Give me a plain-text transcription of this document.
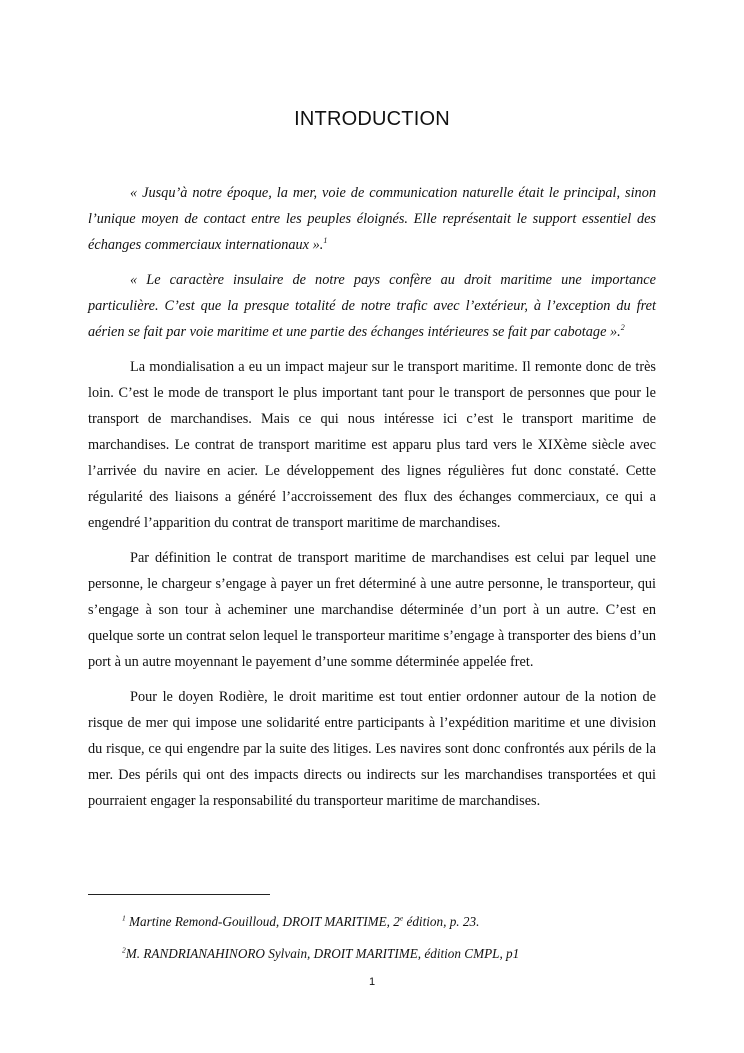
INTRODUCTION

« Jusqu’à notre époque, la mer, voie de communication naturelle était le principal, sinon l’unique moyen de contact entre les peuples éloignés. Elle représentait le support essentiel des échanges commerciaux internationaux ».$^1$

« Le caractère insulaire de notre pays confère au droit maritime une importance particulière. C’est que la presque totalité de notre trafic avec l’extérieur, à l’exception du fret aérien se fait par voie maritime et une partie des échanges intérieures se fait par cabotage ».$^2$

La mondialisation a eu un impact majeur sur le transport maritime. Il remonte donc de très loin. C’est le mode de transport le plus important tant pour le transport de personnes que pour le transport de marchandises. Mais ce qui nous intéresse ici c’est le transport maritime de marchandises. Le contrat de transport maritime est apparu plus tard vers le XIXème siècle avec l’arrivée du navire en acier. Le développement des lignes régulières fut donc constaté. Cette régularité des liaisons a généré l’accroissement des flux des échanges commerciaux, ce qui a engendré l’apparition du contrat de transport maritime de marchandises.

Par définition le contrat de transport maritime de marchandises est celui par lequel une personne, le chargeur s’engage à payer un fret déterminé à une autre personne, le transporteur, qui s’engage à son tour à acheminer une marchandise déterminée d’un port à un autre. C’est en quelque sorte un contrat selon lequel le transporteur maritime s’engage à transporter des biens d’un port à un autre moyennant le payement d’une somme déterminée appelée fret.

Pour le doyen Rodière, le droit maritime est tout entier ordonner autour de la notion de risque de mer qui impose une solidarité entre participants à l’expédition maritime et une division du risque, ce qui engendre par la suite des litiges. Les navires sont donc confrontés aux périls de la mer. Des périls qui ont des impacts directs ou indirects sur les marchandises transportées et qui pourraient engager la responsabilité du transporteur maritime de marchandises.

$^1$ Martine Remond-Gouilloud, DROIT MARITIME, 2e édition, p. 23.
$^2$M. RANDRIANAHINORO Sylvain, DROIT MARITIME, édition CMPL, p1
1
